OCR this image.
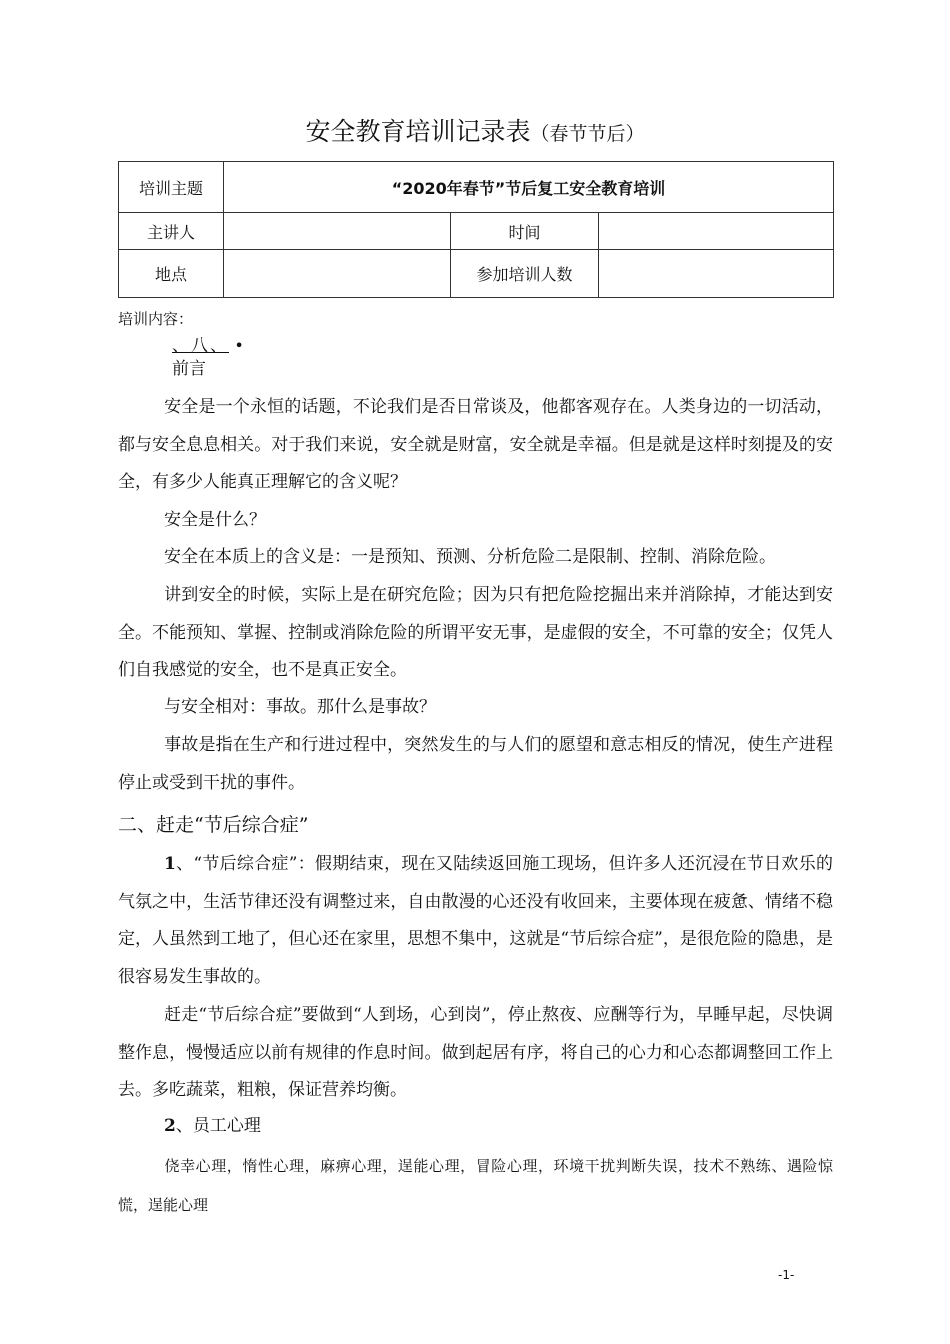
安全教育培训记录表（春节节后）
培训主题	“2020年春节”节后复工安全教育培训		
主讲人		时间	
地点		参加培训人数	
培训内容：
、八、 •
前言
安全是一个永恒的话题，不论我们是否日常谈及，他都客观存在。人类身边的一切活动，都与安全息息相关。对于我们来说，安全就是财富，安全就是幸福。但是就是这样时刻提及的安全，有多少人能真正理解它的含义呢？
安全是什么？
安全在本质上的含义是：一是预知、预测、分析危险二是限制、控制、消除危险。
讲到安全的时候，实际上是在研究危险；因为只有把危险挖掘出来并消除掉，才能达到安全。不能预知、掌握、控制或消除危险的所谓平安无事，是虚假的安全，不可靠的安全；仅凭人们自我感觉的安全，也不是真正安全。
与安全相对：事故。那什么是事故？
事故是指在生产和行进过程中，突然发生的与人们的愿望和意志相反的情况，使生产进程停止或受到干扰的事件。
二、赶走“节后综合症”
1、“节后综合症”：假期结束，现在又陆续返回施工现场，但许多人还沉浸在节日欢乐的气氛之中，生活节律还没有调整过来，自由散漫的心还没有收回来，主要体现在疲惫、情绪不稳定，人虽然到工地了，但心还在家里，思想不集中，这就是“节后综合症”，是很危险的隐患，是很容易发生事故的。
赶走“节后综合症”要做到“人到场，心到岗”，停止熬夜、应酬等行为，早睡早起，尽快调整作息，慢慢适应以前有规律的作息时间。做到起居有序，将自己的心力和心态都调整回工作上去。多吃蔬菜，粗粮，保证营养均衡。
2、员工心理
侥幸心理，惰性心理，麻痹心理，逞能心理，冒险心理，环境干扰判断失误，技术不熟练、遇险惊慌，逞能心理
-1-
